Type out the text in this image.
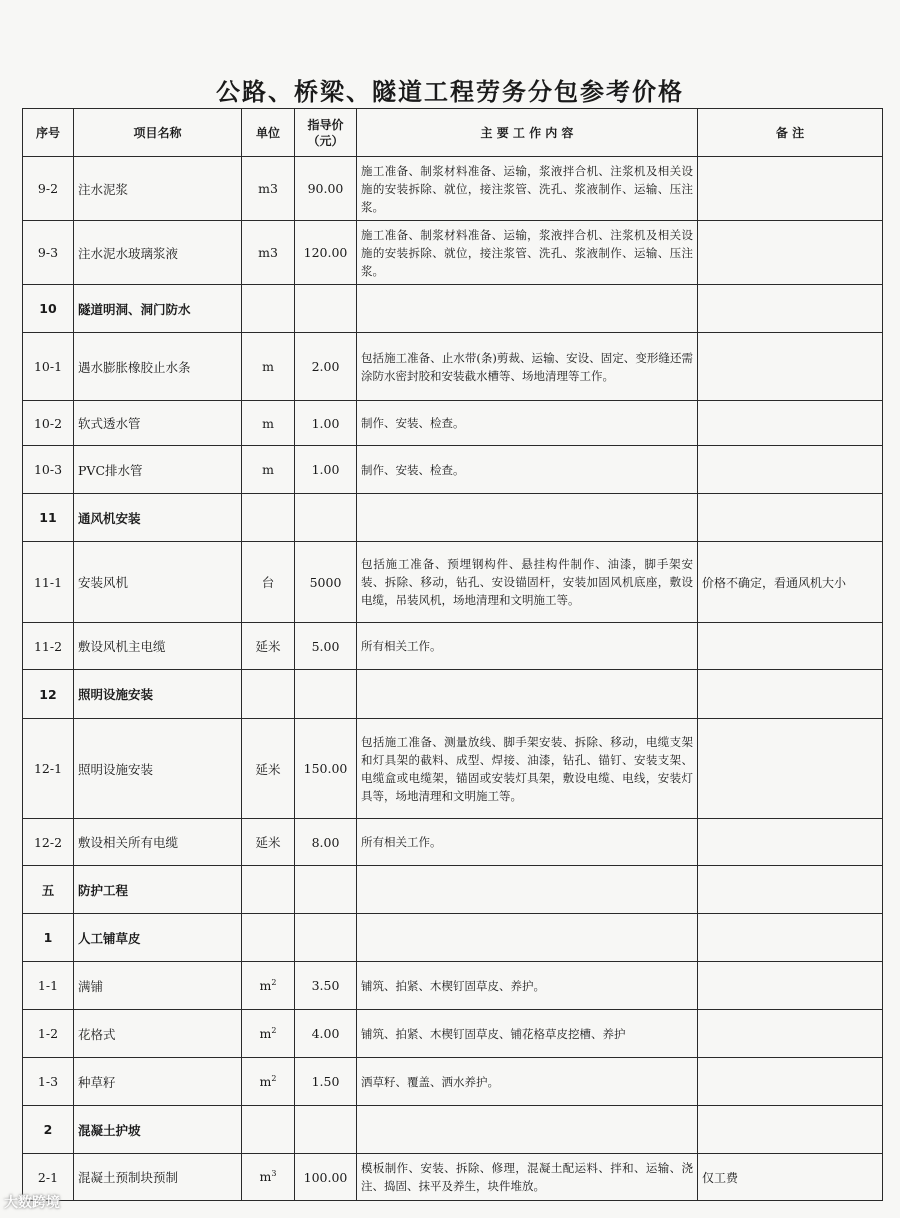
公路、桥梁、隧道工程劳务分包参考价格
序号	项目名称	单位	指导价（元）	主 要 工 作 内 容	备 注
9-2	注水泥浆	m3	90.00	施工准备、制浆材料准备、运输，浆液拌合机、注浆机及相关设施的安装拆除、就位，接注浆管、洗孔、浆液制作、运输、压注浆。	
9-3	注水泥水玻璃浆液	m3	120.00	施工准备、制浆材料准备、运输，浆液拌合机、注浆机及相关设施的安装拆除、就位，接注浆管、洗孔、浆液制作、运输、压注浆。	
10	隧道明洞、洞门防水				
10-1	遇水膨胀橡胶止水条	m	2.00	包括施工准备、止水带(条)剪裁、运输、安设、固定、变形缝还需涂防水密封胶和安装截水槽等、场地清理等工作。	
10-2	软式透水管	m	1.00	制作、安装、检查。	
10-3	PVC排水管	m	1.00	制作、安装、检查。	
11	通风机安装				
11-1	安装风机	台	5000	包括施工准备、预埋钢构件、悬挂构件制作、油漆，脚手架安装、拆除、移动，钻孔、安设锚固杆，安装加固风机底座，敷设电缆，吊装风机，场地清理和文明施工等。	价格不确定，看通风机大小
11-2	敷设风机主电缆	延米	5.00	所有相关工作。	
12	照明设施安装				
12-1	照明设施安装	延米	150.00	包括施工准备、测量放线、脚手架安装、拆除、移动，电缆支架和灯具架的截料、成型、焊接、油漆，钻孔、锚钉、安装支架、电缆盒或电缆架，锚固或安装灯具架，敷设电缆、电线，安装灯具等，场地清理和文明施工等。	
12-2	敷设相关所有电缆	延米	8.00	所有相关工作。	
五	防护工程				
1	人工铺草皮				
1-1	满铺	$m^2$	3.50	铺筑、拍紧、木楔钉固草皮、养护。	
1-2	花格式	$m^2$	4.00	铺筑、拍紧、木楔钉固草皮、铺花格草皮挖槽、养护	
1-3	种草籽	$m^2$	1.50	洒草籽、覆盖、洒水养护。	
2	混凝土护坡				
2-1	混凝土预制块预制	$m^3$	100.00	模板制作、安装、拆除、修理，混凝土配运料、拌和、运输、浇注、捣固、抹平及养生，块件堆放。	仅工费
大数跨境
